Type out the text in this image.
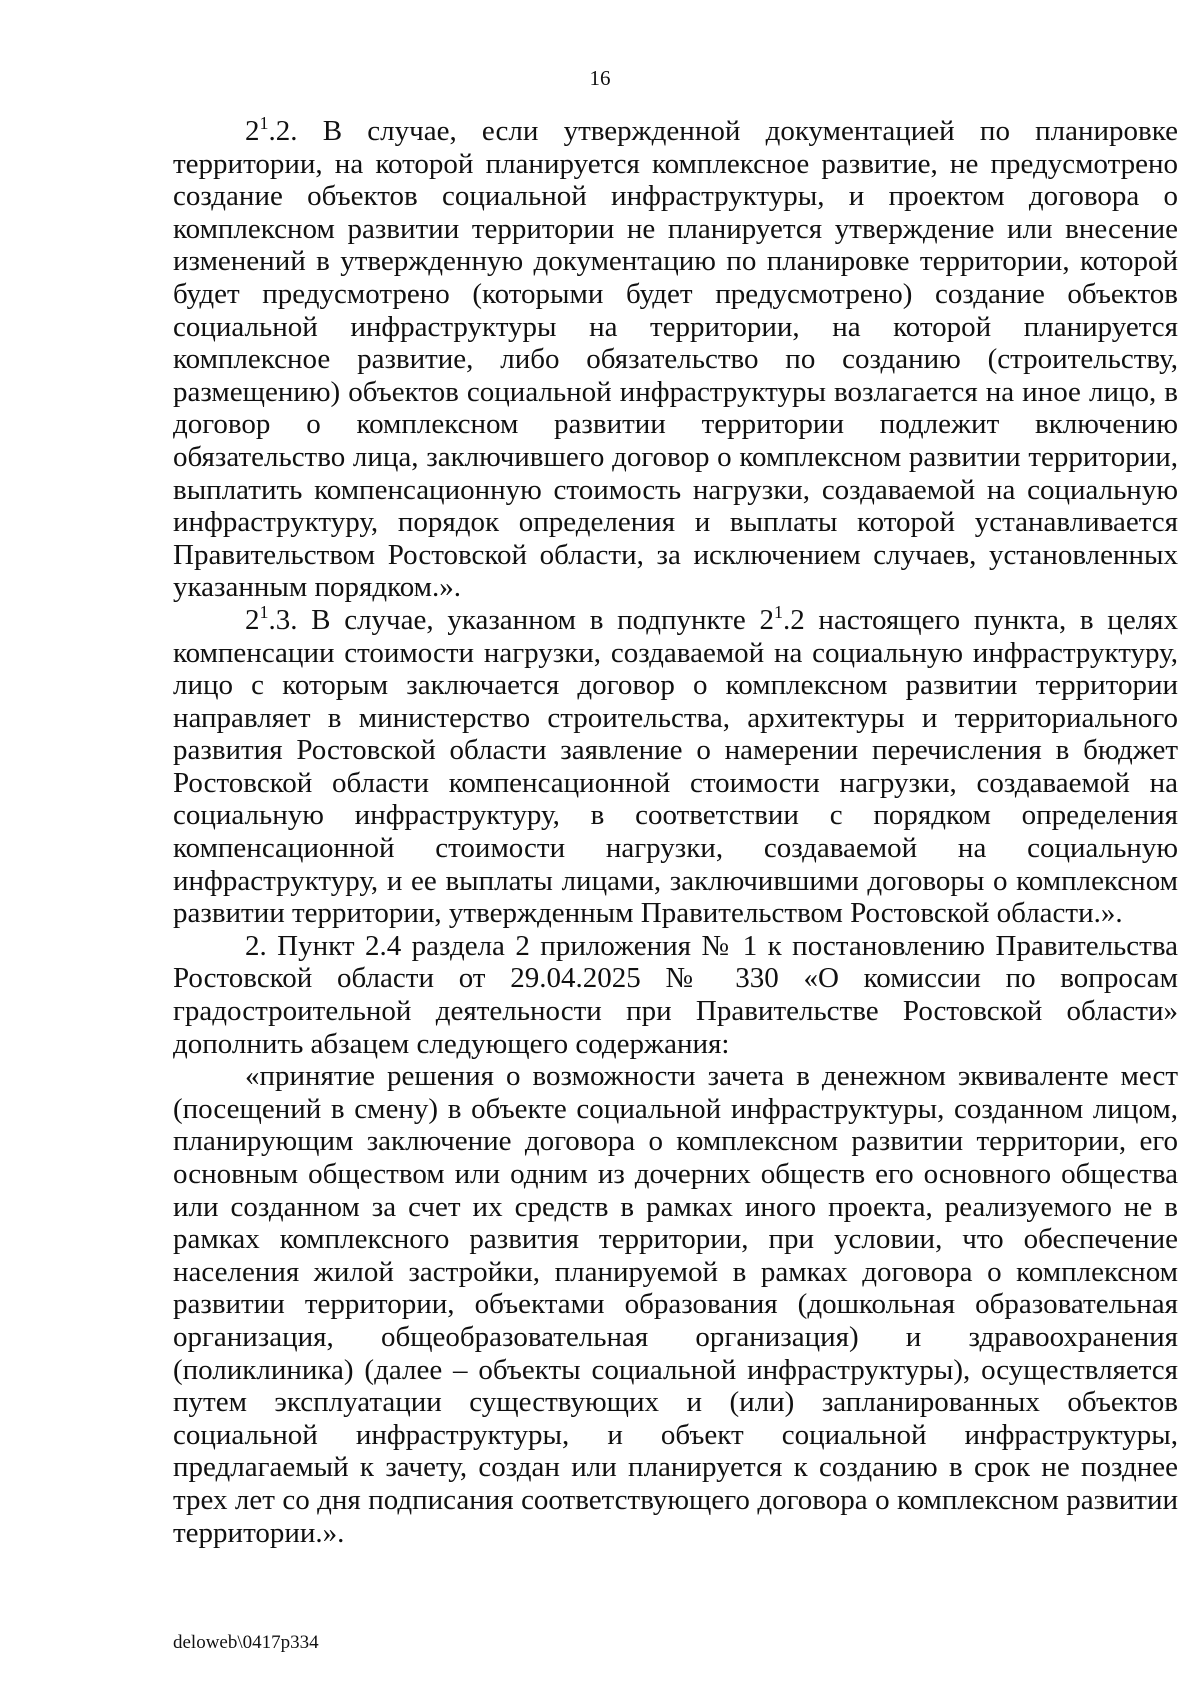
16

$2^1.2$. В случае, если утвержденной документацией по планировке территории, на которой планируется комплексное развитие, не предусмотрено создание объектов социальной инфраструктуры, и проектом договора о комплексном развитии территории не планируется утверждение или внесение изменений в утвержденную документацию по планировке территории, которой будет предусмотрено (которыми будет предусмотрено) создание объектов социальной инфраструктуры на территории, на которой планируется комплексное развитие, либо обязательство по созданию (строительству, размещению) объектов социальной инфраструктуры возлагается на иное лицо, в договор о комплексном развитии территории подлежит включению обязательство лица, заключившего договор о комплексном развитии территории, выплатить компенсационную стоимость нагрузки, создаваемой на социальную инфраструктуру, порядок определения и выплаты которой устанавливается Правительством Ростовской области, за исключением случаев, установленных указанным порядком.».

$2^1.3$. В случае, указанном в подпункте $2^1.2$ настоящего пункта, в целях компенсации стоимости нагрузки, создаваемой на социальную инфраструктуру, лицо с которым заключается договор о комплексном развитии территории направляет в министерство строительства, архитектуры и территориального развития Ростовской области заявление о намерении перечисления в бюджет Ростовской области компенсационной стоимости нагрузки, создаваемой на социальную инфраструктуру, в соответствии с порядком определения компенсационной стоимости нагрузки, создаваемой на социальную инфраструктуру, и ее выплаты лицами, заключившими договоры о комплексном развитии территории, утвержденным Правительством Ростовской области.».

2. Пункт 2.4 раздела 2 приложения № 1 к постановлению Правительства Ростовской области от 29.04.2025 № 330 «О комиссии по вопросам градостроительной деятельности при Правительстве Ростовской области» дополнить абзацем следующего содержания:

«принятие решения о возможности зачета в денежном эквиваленте мест (посещений в смену) в объекте социальной инфраструктуры, созданном лицом, планирующим заключение договора о комплексном развитии территории, его основным обществом или одним из дочерних обществ его основного общества или созданном за счет их средств в рамках иного проекта, реализуемого не в рамках комплексного развития территории, при условии, что обеспечение населения жилой застройки, планируемой в рамках договора о комплексном развитии территории, объектами образования (дошкольная образовательная организация, общеобразовательная организация) и здравоохранения (поликлиника) (далее – объекты социальной инфраструктуры), осуществляется путем эксплуатации существующих и (или) запланированных объектов социальной инфраструктуры, и объект социальной инфраструктуры, предлагаемый к зачету, создан или планируется к созданию в срок не позднее трех лет со дня подписания соответствующего договора о комплексном развитии территории.».

deloweb\0417p334
